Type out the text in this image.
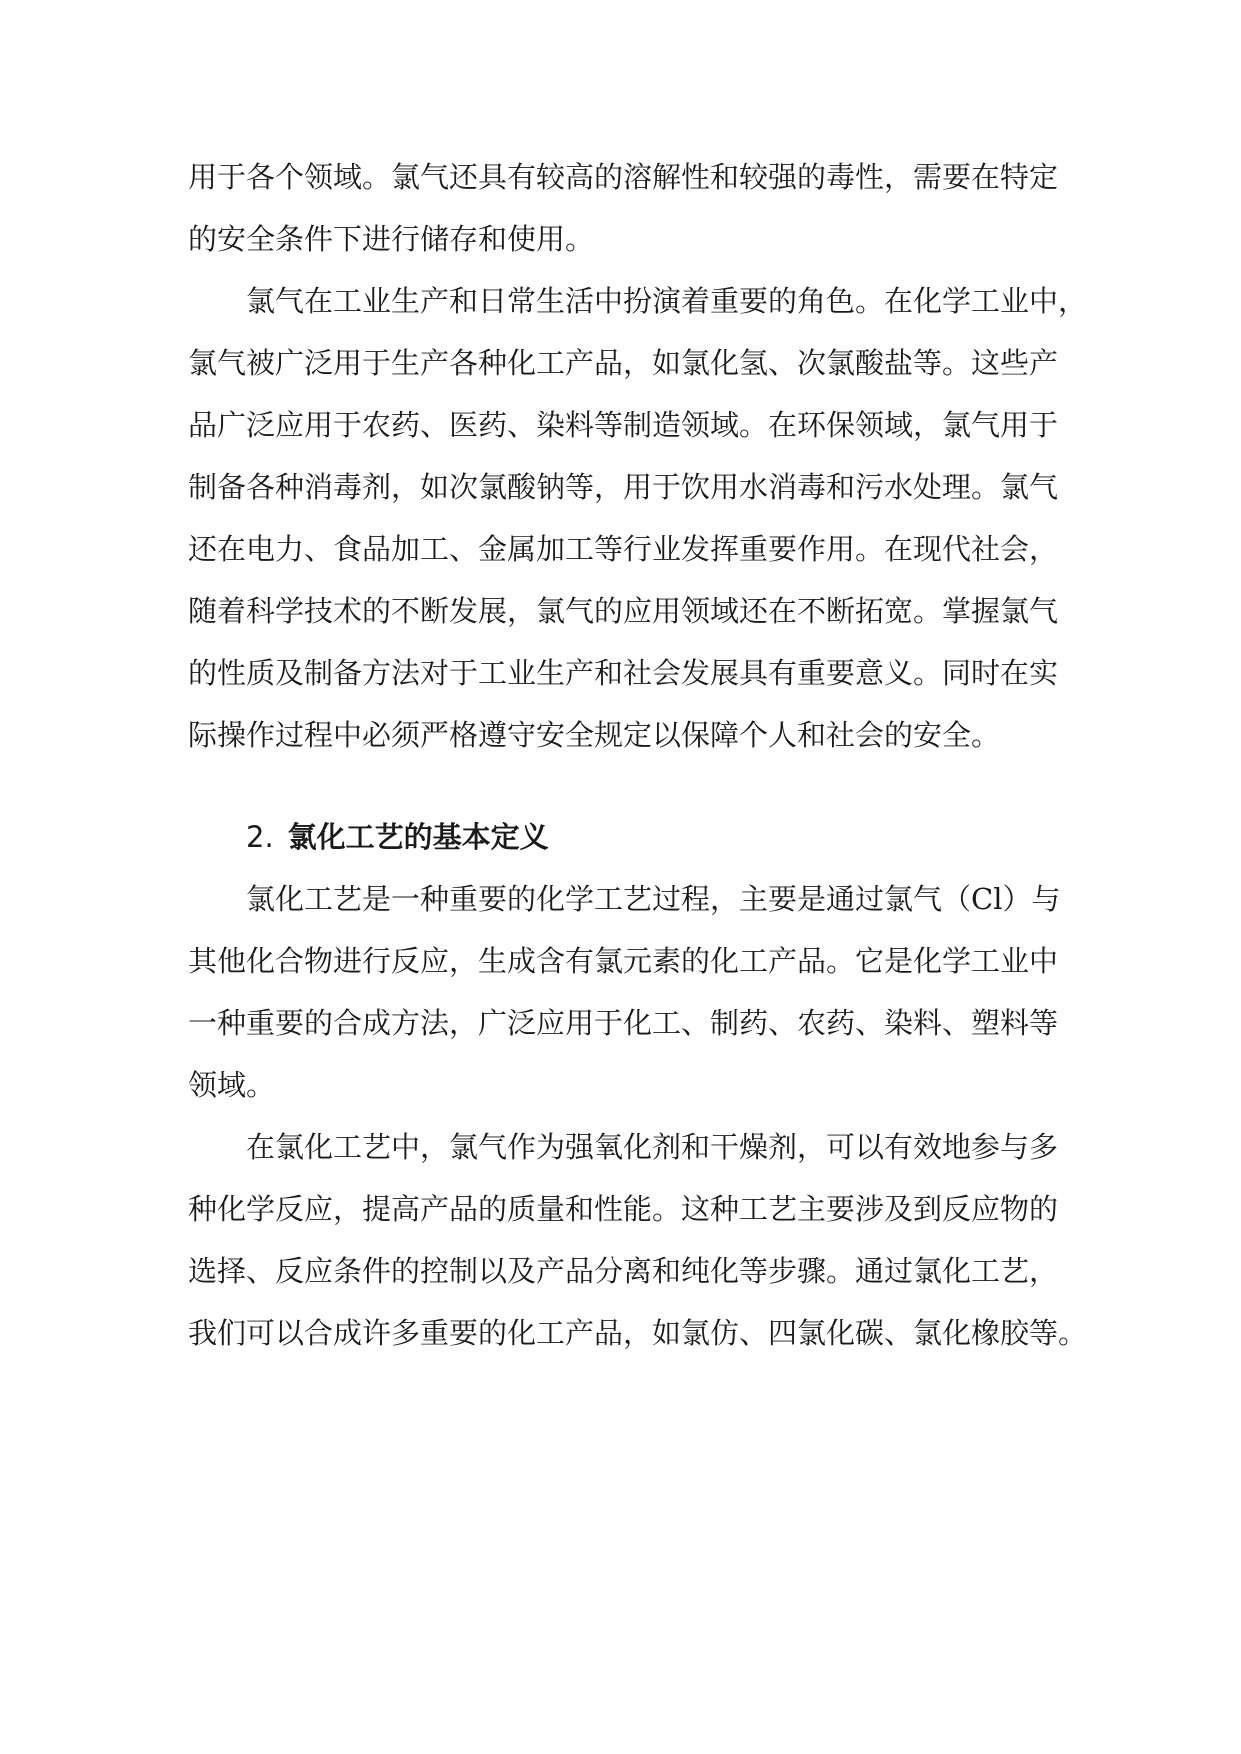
用于各个领域。氯气还具有较高的溶解性和较强的毒性，需要在特定
的安全条件下进行储存和使用。

氯气在工业生产和日常生活中扮演着重要的角色。在化学工业中，
氯气被广泛用于生产各种化工产品，如氯化氢、次氯酸盐等。这些产
品广泛应用于农药、医药、染料等制造领域。在环保领域，氯气用于
制备各种消毒剂，如次氯酸钠等，用于饮用水消毒和污水处理。氯气
还在电力、食品加工、金属加工等行业发挥重要作用。在现代社会，
随着科学技术的不断发展，氯气的应用领域还在不断拓宽。掌握氯气
的性质及制备方法对于工业生产和社会发展具有重要意义。同时在实
际操作过程中必须严格遵守安全规定以保障个人和社会的安全。

2. 氯化工艺的基本定义

氯化工艺是一种重要的化学工艺过程，主要是通过氯气（Cl）与
其他化合物进行反应，生成含有氯元素的化工产品。它是化学工业中
一种重要的合成方法，广泛应用于化工、制药、农药、染料、塑料等
领域。

在氯化工艺中，氯气作为强氧化剂和干燥剂，可以有效地参与多
种化学反应，提高产品的质量和性能。这种工艺主要涉及到反应物的
选择、反应条件的控制以及产品分离和纯化等步骤。通过氯化工艺，
我们可以合成许多重要的化工产品，如氯仿、四氯化碳、氯化橡胶等。
